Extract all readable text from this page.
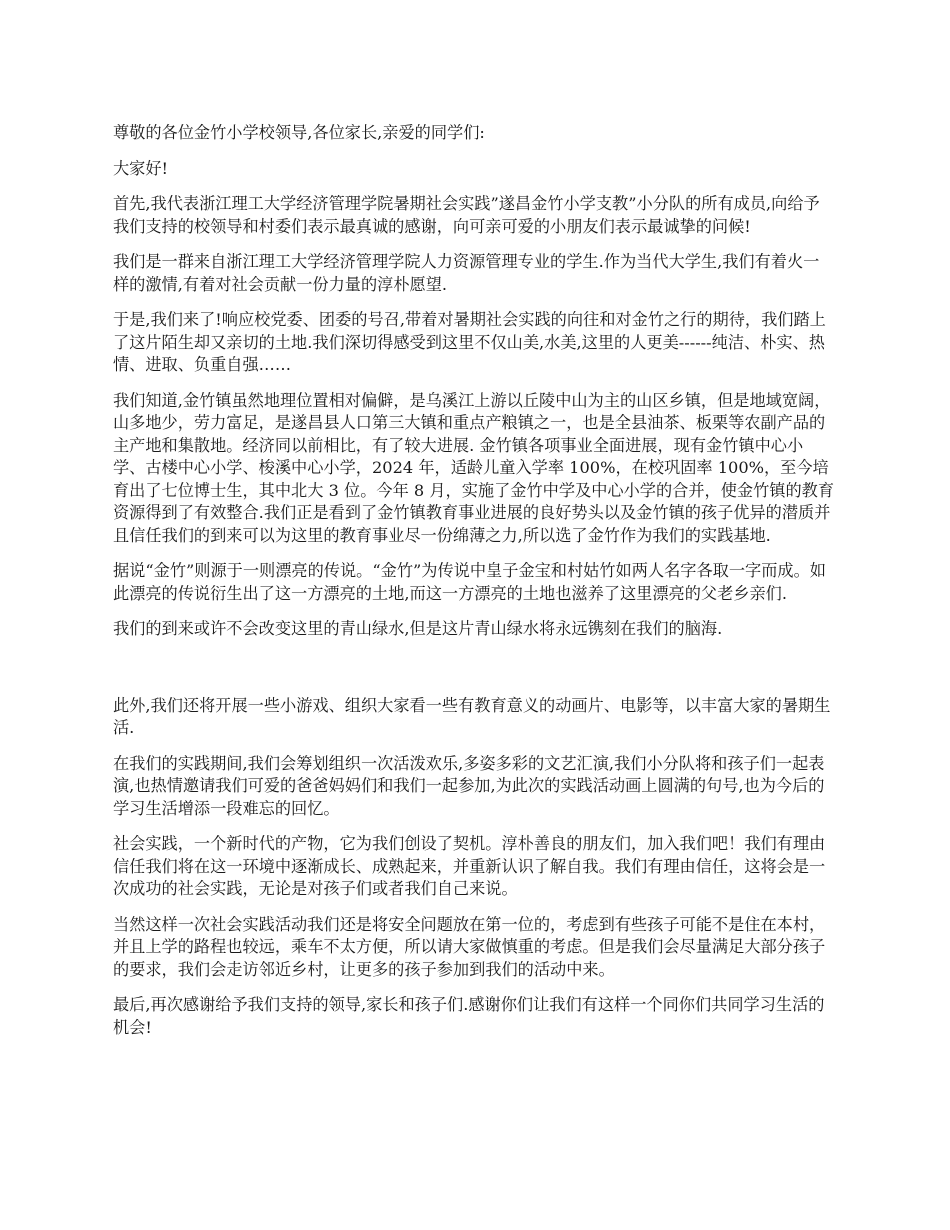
尊敬的各位金竹小学校领导,各位家长,亲爱的同学们:

大家好!

首先,我代表浙江理工大学经济管理学院暑期社会实践”遂昌金竹小学支教”小分队的所有成员,向给予我们支持的校领导和村委们表示最真诚的感谢，向可亲可爱的小朋友们表示最诚挚的问候!

我们是一群来自浙江理工大学经济管理学院人力资源管理专业的学生.作为当代大学生,我们有着火一样的激情,有着对社会贡献一份力量的淳朴愿望.

于是,我们来了!响应校党委、团委的号召,带着对暑期社会实践的向往和对金竹之行的期待，我们踏上了这片陌生却又亲切的土地.我们深切得感受到这里不仅山美,水美,这里的人更美------纯洁、朴实、热情、进取、负重自强……

我们知道,金竹镇虽然地理位置相对偏僻，是乌溪江上游以丘陵中山为主的山区乡镇，但是地域宽阔，山多地少，劳力富足，是遂昌县人口第三大镇和重点产粮镇之一，也是全县油茶、板栗等农副产品的主产地和集散地。经济同以前相比，有了较大进展. 金竹镇各项事业全面进展，现有金竹镇中心小学、古楼中心小学、梭溪中心小学，2024 年，适龄儿童入学率 100%，在校巩固率 100%，至今培育出了七位博士生，其中北大 3 位。今年 8 月，实施了金竹中学及中心小学的合并，使金竹镇的教育资源得到了有效整合.我们正是看到了金竹镇教育事业进展的良好势头以及金竹镇的孩子优异的潜质并且信任我们的到来可以为这里的教育事业尽一份绵薄之力,所以选了金竹作为我们的实践基地.

据说“金竹”则源于一则漂亮的传说。“金竹”为传说中皇子金宝和村姑竹如两人名字各取一字而成。如此漂亮的传说衍生出了这一方漂亮的土地,而这一方漂亮的土地也滋养了这里漂亮的父老乡亲们.

我们的到来或许不会改变这里的青山绿水,但是这片青山绿水将永远镌刻在我们的脑海.

此外,我们还将开展一些小游戏、组织大家看一些有教育意义的动画片、电影等，以丰富大家的暑期生活.

在我们的实践期间,我们会筹划组织一次活泼欢乐,多姿多彩的文艺汇演,我们小分队将和孩子们一起表演,也热情邀请我们可爱的爸爸妈妈们和我们一起参加,为此次的实践活动画上圆满的句号,也为今后的学习生活增添一段难忘的回忆。

社会实践，一个新时代的产物，它为我们创设了契机。淳朴善良的朋友们，加入我们吧！我们有理由信任我们将在这一环境中逐渐成长、成熟起来，并重新认识了解自我。我们有理由信任，这将会是一次成功的社会实践，无论是对孩子们或者我们自己来说。

当然这样一次社会实践活动我们还是将安全问题放在第一位的，考虑到有些孩子可能不是住在本村，并且上学的路程也较远，乘车不太方便，所以请大家做慎重的考虑。但是我们会尽量满足大部分孩子的要求，我们会走访邻近乡村，让更多的孩子参加到我们的活动中来。

最后,再次感谢给予我们支持的领导,家长和孩子们.感谢你们让我们有这样一个同你们共同学习生活的机会!
